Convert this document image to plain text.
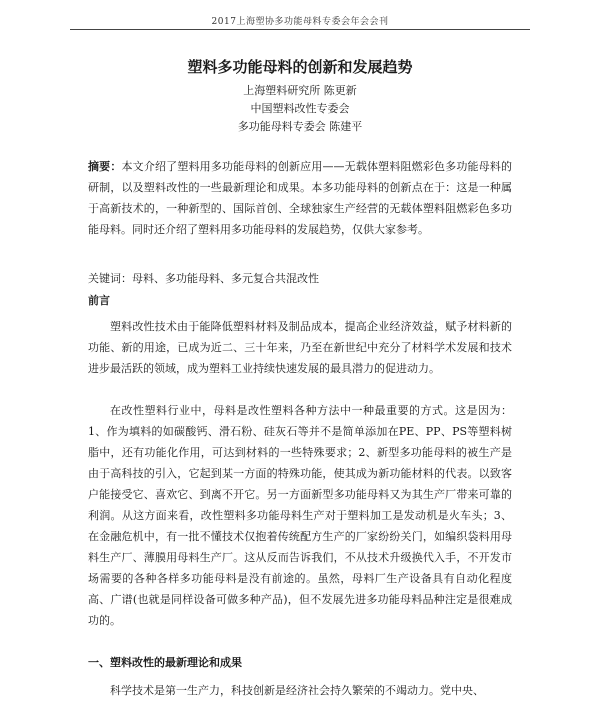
2017上海塑协多功能母料专委会年会会刊
塑料多功能母料的创新和发展趋势
上海塑料研究所 陈更新
中国塑料改性专委会
多功能母料专委会 陈建平
摘要：本文介绍了塑料用多功能母料的创新应用——无载体塑料阻燃彩色多功能母料的研制，以及塑料改性的一些最新理论和成果。本多功能母料的创新点在于：这是一种属于高新技术的，一种新型的、国际首创、全球独家生产经营的无载体塑料阻燃彩色多功能母料。同时还介绍了塑料用多功能母料的发展趋势，仅供大家参考。
关键词：母料、多功能母料、多元复合共混改性
前言
塑料改性技术由于能降低塑料材料及制品成本，提高企业经济效益，赋予材料新的功能、新的用途，已成为近二、三十年来，乃至在新世纪中充分了材料学术发展和技术进步最活跃的领域，成为塑料工业持续快速发展的最具潜力的促进动力。
在改性塑料行业中，母料是改性塑料各种方法中一种最重要的方式。这是因为：1、作为填料的如碳酸钙、滑石粉、硅灰石等并不是简单添加在PE、PP、PS等塑料树脂中，还有功能化作用，可达到材料的一些特殊要求；2、新型多功能母料的被生产是由于高科技的引入，它起到某一方面的特殊功能，使其成为新功能材料的代表。以致客户能接受它、喜欢它、到离不开它。另一方面新型多功能母料又为其生产厂带来可靠的利润。从这方面来看，改性塑料多功能母料生产对于塑料加工是发动机是火车头；3、在金融危机中，有一批不懂技术仅抱着传统配方生产的厂家纷纷关门，如编织袋料用母料生产厂、薄膜用母料生产厂。这从反而告诉我们，不从技术升级换代入手，不开发市场需要的各种各样多功能母料是没有前途的。虽然，母料厂生产设备具有自动化程度高、广谱(也就是同样设备可做多种产品)，但不发展先进多功能母料品种注定是很难成功的。
一、塑料改性的最新理论和成果
科学技术是第一生产力，科技创新是经济社会持久繁荣的不竭动力。党中央、
